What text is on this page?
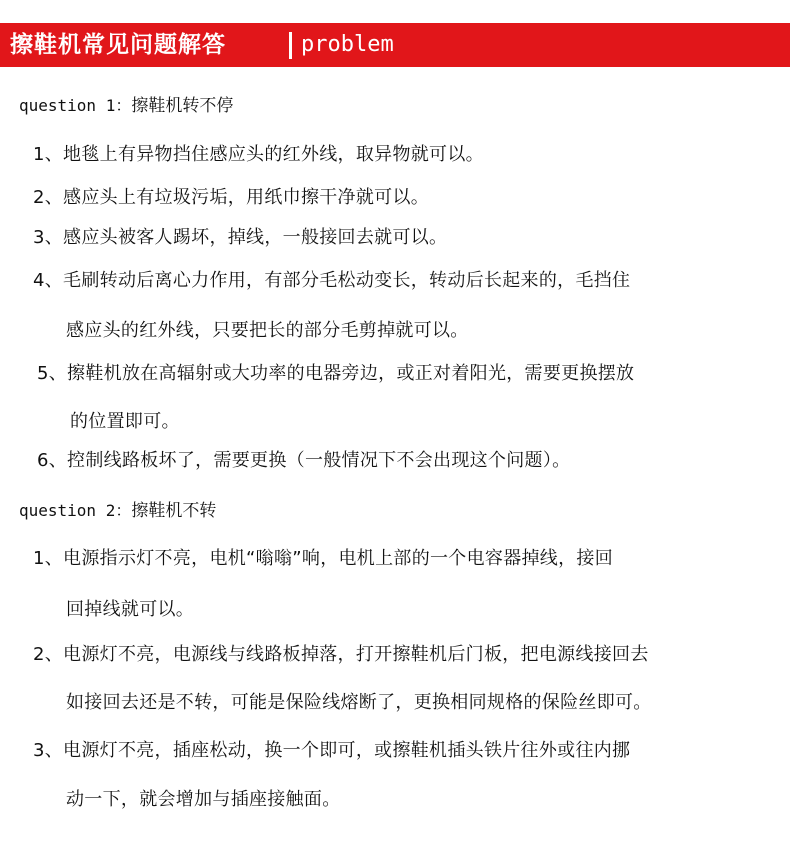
擦鞋机常见问题解答	problem
question 1：擦鞋机转不停
1、地毯上有异物挡住感应头的红外线，取异物就可以。
2、感应头上有垃圾污垢，用纸巾擦干净就可以。
3、感应头被客人踢坏，掉线，一般接回去就可以。
4、毛刷转动后离心力作用，有部分毛松动变长，转动后长起来的，毛挡住
感应头的红外线，只要把长的部分毛剪掉就可以。
5、擦鞋机放在高辐射或大功率的电器旁边，或正对着阳光，需要更换摆放
的位置即可。
6、控制线路板坏了，需要更换（一般情况下不会出现这个问题）。
question 2：擦鞋机不转
1、电源指示灯不亮，电机“嗡嗡”响，电机上部的一个电容器掉线，接回
回掉线就可以。
2、电源灯不亮，电源线与线路板掉落，打开擦鞋机后门板，把电源线接回去
如接回去还是不转，可能是保险线熔断了，更换相同规格的保险丝即可。
3、电源灯不亮，插座松动，换一个即可，或擦鞋机插头铁片往外或往内挪
动一下，就会增加与插座接触面。
